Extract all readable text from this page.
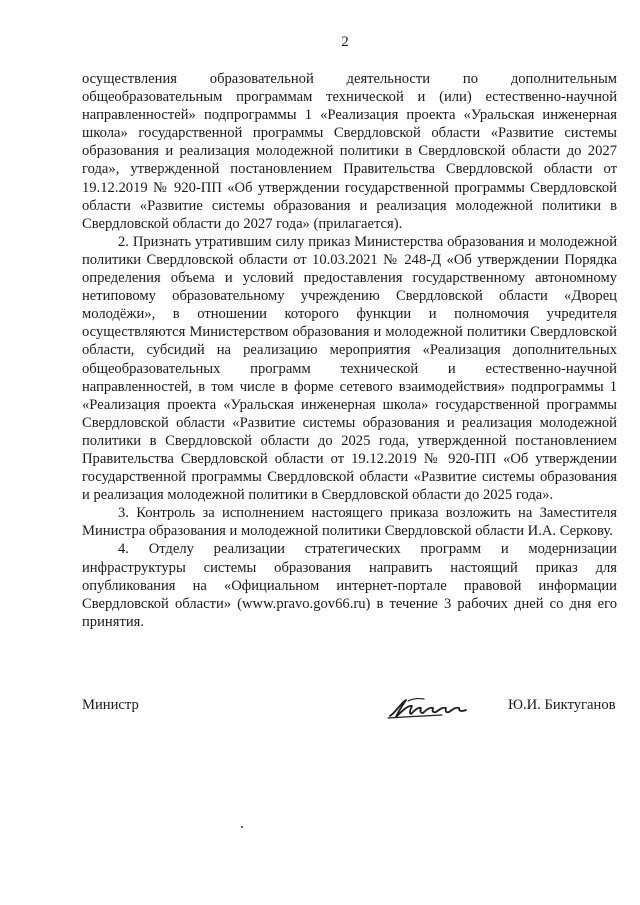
2

осуществления образовательной деятельности по дополнительным общеобразовательным программам технической и (или) естественно-научной направленностей» подпрограммы 1 «Реализация проекта «Уральская инженерная школа» государственной программы Свердловской области «Развитие системы образования и реализация молодежной политики в Свердловской области до 2027 года», утвержденной постановлением Правительства Свердловской области от 19.12.2019 № 920-ПП «Об утверждении государственной программы Свердловской области «Развитие системы образования и реализация молодежной политики в Свердловской области до 2027 года» (прилагается).

2. Признать утратившим силу приказ Министерства образования и молодежной политики Свердловской области от 10.03.2021 № 248-Д «Об утверждении Порядка определения объема и условий предоставления государственному автономному нетиповому образовательному учреждению Свердловской области «Дворец молодёжи», в отношении которого функции и полномочия учредителя осуществляются Министерством образования и молодежной политики Свердловской области, субсидий на реализацию мероприятия «Реализация дополнительных общеобразовательных программ технической и естественно-научной направленностей, в том числе в форме сетевого взаимодействия» подпрограммы 1 «Реализация проекта «Уральская инженерная школа» государственной программы Свердловской области «Развитие системы образования и реализация молодежной политики в Свердловской области до 2025 года, утвержденной постановлением Правительства Свердловской области от 19.12.2019 № 920-ПП «Об утверждении государственной программы Свердловской области «Развитие системы образования и реализация молодежной политики в Свердловской области до 2025 года».

3. Контроль за исполнением настоящего приказа возложить на Заместителя Министра образования и молодежной политики Свердловской области И.А. Серкову.

4. Отделу реализации стратегических программ и модернизации инфраструктуры системы образования направить настоящий приказ для опубликования на «Официальном интернет-портале правовой информации Свердловской области» (www.pravo.gov66.ru) в течение 3 рабочих дней со дня его принятия.

Министр	Ю.И. Биктуганов
